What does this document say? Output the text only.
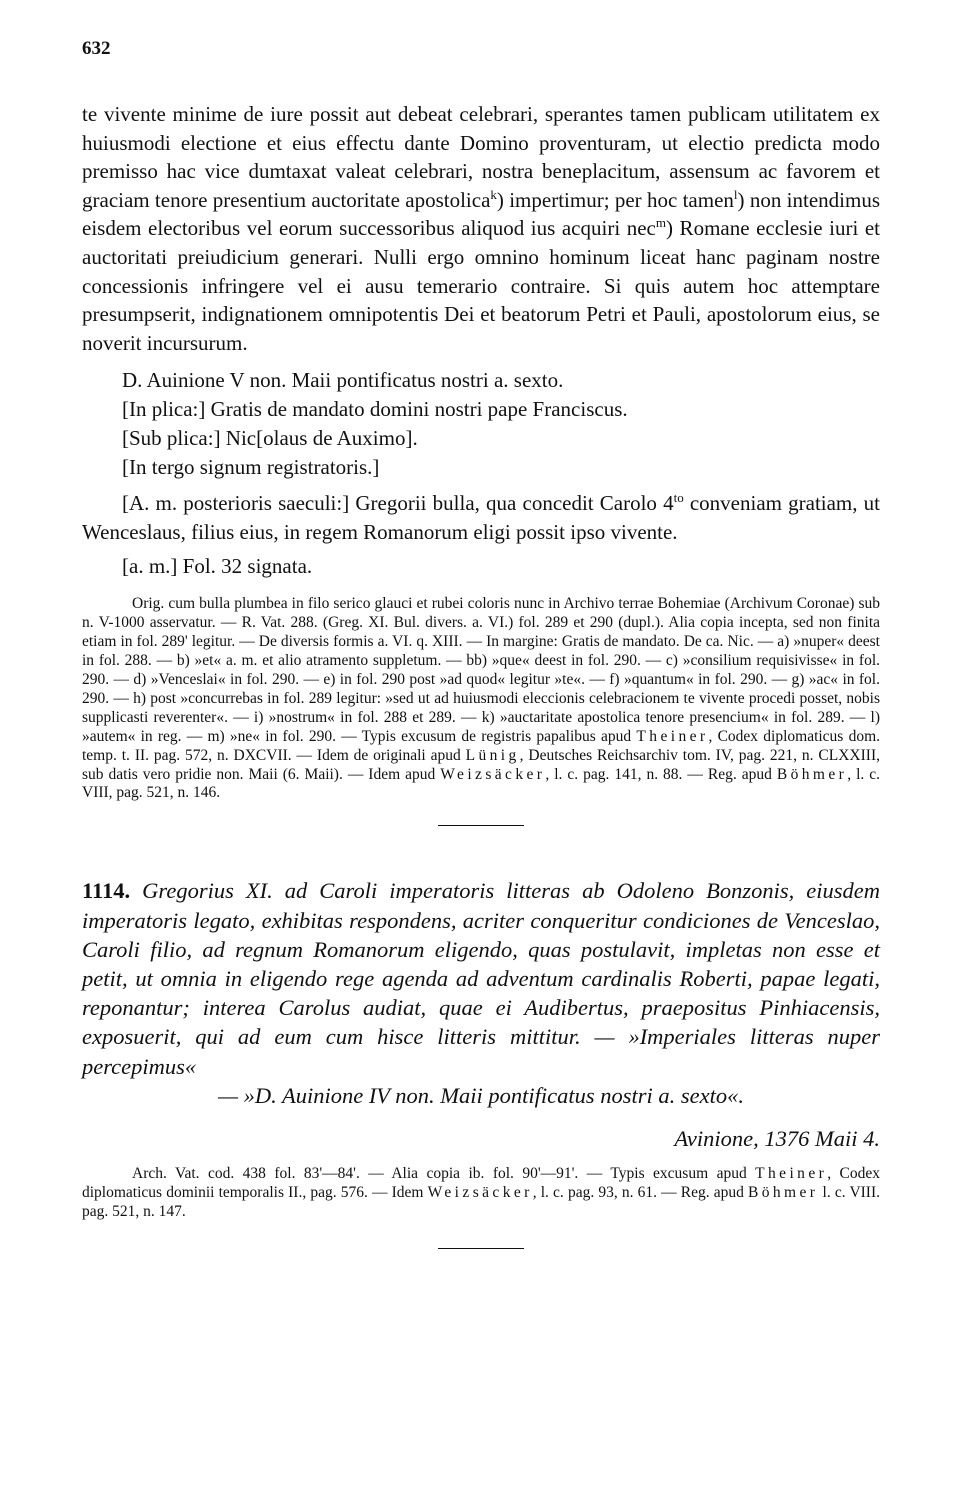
632

te vivente minime de iure possit aut debeat celebrari, sperantes tamen publicam utilitatem ex huiusmodi electione et eius effectu dante Domino proventuram, ut electio predicta modo premisso hac vice dumtaxat valeat celebrari, nostra beneplacitum, assensum ac favorem et graciam tenore presentium auctoritate apostolica$^k$) impertimur; per hoc tamen$^l$) non intendimus eisdem electoribus vel eorum successoribus aliquod ius acquiri nec$^m$) Romane ecclesie iuri et auctoritati preiudicium generari. Nulli ergo omnino hominum liceat hanc paginam nostre concessionis infringere vel ei ausu temerario contraire. Si quis autem hoc attemptare presumpserit, indignationem omnipotentis Dei et beatorum Petri et Pauli, apostolorum eius, se noverit incursurum.

D. Auinione V non. Maii pontificatus nostri a. sexto.

[In plica:] Gratis de mandato domini nostri pape Franciscus.

[Sub plica:] Nic[olaus de Auximo].

[In tergo signum registratoris.]

[A. m. posterioris saeculi:] Gregorii bulla, qua concedit Carolo $4^{to}$ conveniam gratiam, ut Wenceslaus, filius eius, in regem Romanorum eligi possit ipso vivente.

[a. m.] Fol. 32 signata.

Orig. cum bulla plumbea in filo serico glauci et rubei coloris nunc in Archivo terrae Bohemiae (Archivum Coronae) sub n. V-1000 asservatur. — R. Vat. 288. (Greg. XI. Bul. divers. a. VI.) fol. 289 et 290 (dupl.). Alia copia incepta, sed non finita etiam in fol. 289' legitur. — De diversis formis a. VI. q. XIII. — In margine: Gratis de mandato. De ca. Nic. — a) »nuper« deest in fol. 288. — b) »et« a. m. et alio atramento suppletum. — bb) »que« deest in fol. 290. — c) »consilium requisivisse« in fol. 290. — d) »Venceslai« in fol. 290. — e) in fol. 290 post »ad quod« legitur »te«. — f) »quantum« in fol. 290. — g) »ac« in fol. 290. — h) post »concurrebas in fol. 289 legitur: »sed ut ad huiusmodi eleccionis celebracionem te vivente procedi posset, nobis supplicasti reverenter«. — i) »nostrum« in fol. 288 et 289. — k) »auctaritate apostolica tenore presencium« in fol. 289. — l) »autem« in reg. — m) »ne« in fol. 290. — Typis excusum de registris papalibus apud Theiner, Codex diplomaticus dom. temp. t. II. pag. 572, n. DXCVII. — Idem de originali apud Lünig, Deutsches Reichsarchiv tom. IV, pag. 221, n. CLXXIII, sub datis vero pridie non. Maii (6. Maii). — Idem apud Weizsäcker, l. c. pag. 141, n. 88. — Reg. apud Böhmer, l. c. VIII, pag. 521, n. 146.

1114. Gregorius XI. ad Caroli imperatoris litteras ab Odoleno Bonzonis, eiusdem imperatoris legato, exhibitas respondens, acriter conqueritur condiciones de Venceslao, Caroli filio, ad regnum Romanorum eligendo, quas postulavit, impletas non esse et petit, ut omnia in eligendo rege agenda ad adventum cardinalis Roberti, papae legati, reponantur; interea Carolus audiat, quae ei Audibertus, praepositus Pinhiacensis, exposuerit, qui ad eum cum hisce litteris mittitur. — »Imperiales litteras nuper percepimus«

— »D. Auinione IV non. Maii pontificatus nostri a. sexto«.

Avinione, 1376 Maii 4.

Arch. Vat. cod. 438 fol. 83'—84'. — Alia copia ib. fol. 90'—91'. — Typis excusum apud Theiner, Codex diplomaticus dominii temporalis II., pag. 576. — Idem Weizsäcker, l. c. pag. 93, n. 61. — Reg. apud Böhmer l. c. VIII. pag. 521, n. 147.
